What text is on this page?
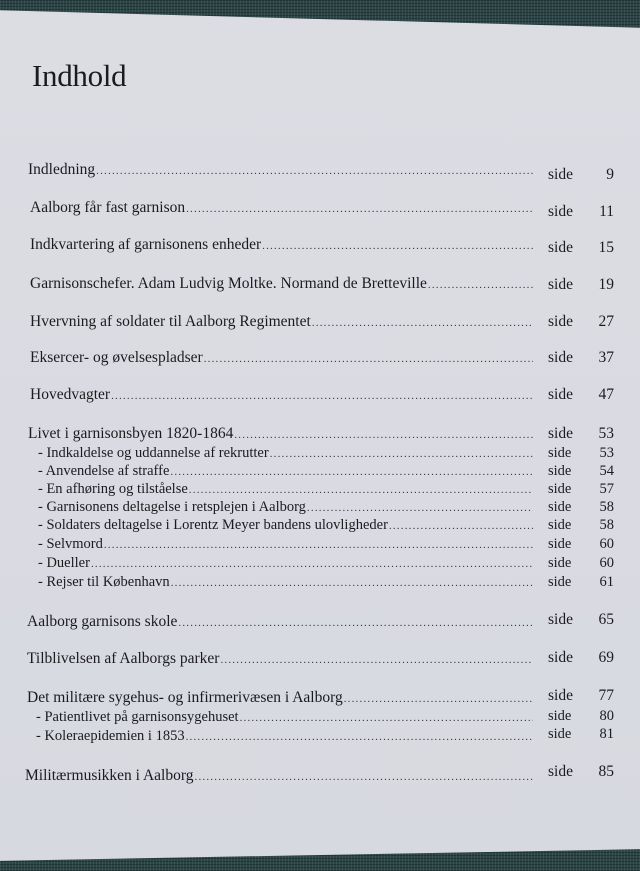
Indhold
Indledning .....	side 9
Aalborg får fast garnison .....	side 11
Indkvartering af garnisonens enheder .....	side 15
Garnisonschefer. Adam Ludvig Moltke. Normand de Bretteville .....	side 19
Hvervning af soldater til Aalborg Regimentet .....	side 27
Eksercer- og øvelsespladser .....	side 37
Hovedvagter .....	side 47
Livet i garnisonsbyen 1820-1864 .....	side 53
- Indkaldelse og uddannelse af rekrutter .....	side 53
- Anvendelse af straffe .....	side 54
- En afhøring og tilståelse .....	side 57
- Garnisonens deltagelse i retsplejen i Aalborg .....	side 58
- Soldaters deltagelse i Lorentz Meyer bandens ulovligheder .....	side 58
- Selvmord .....	side 60
- Dueller .....	side 60
- Rejser til København .....	side 61
Aalborg garnisons skole .....	side 65
Tilblivelsen af Aalborgs parker .....	side 69
Det militære sygehus- og infirmerivæsen i Aalborg .....	side 77
- Patientlivet på garnisonsygehuset .....	side 80
- Koleraepidemien i 1853 .....	side 81
Militærmusikken i Aalborg .....	side 85
